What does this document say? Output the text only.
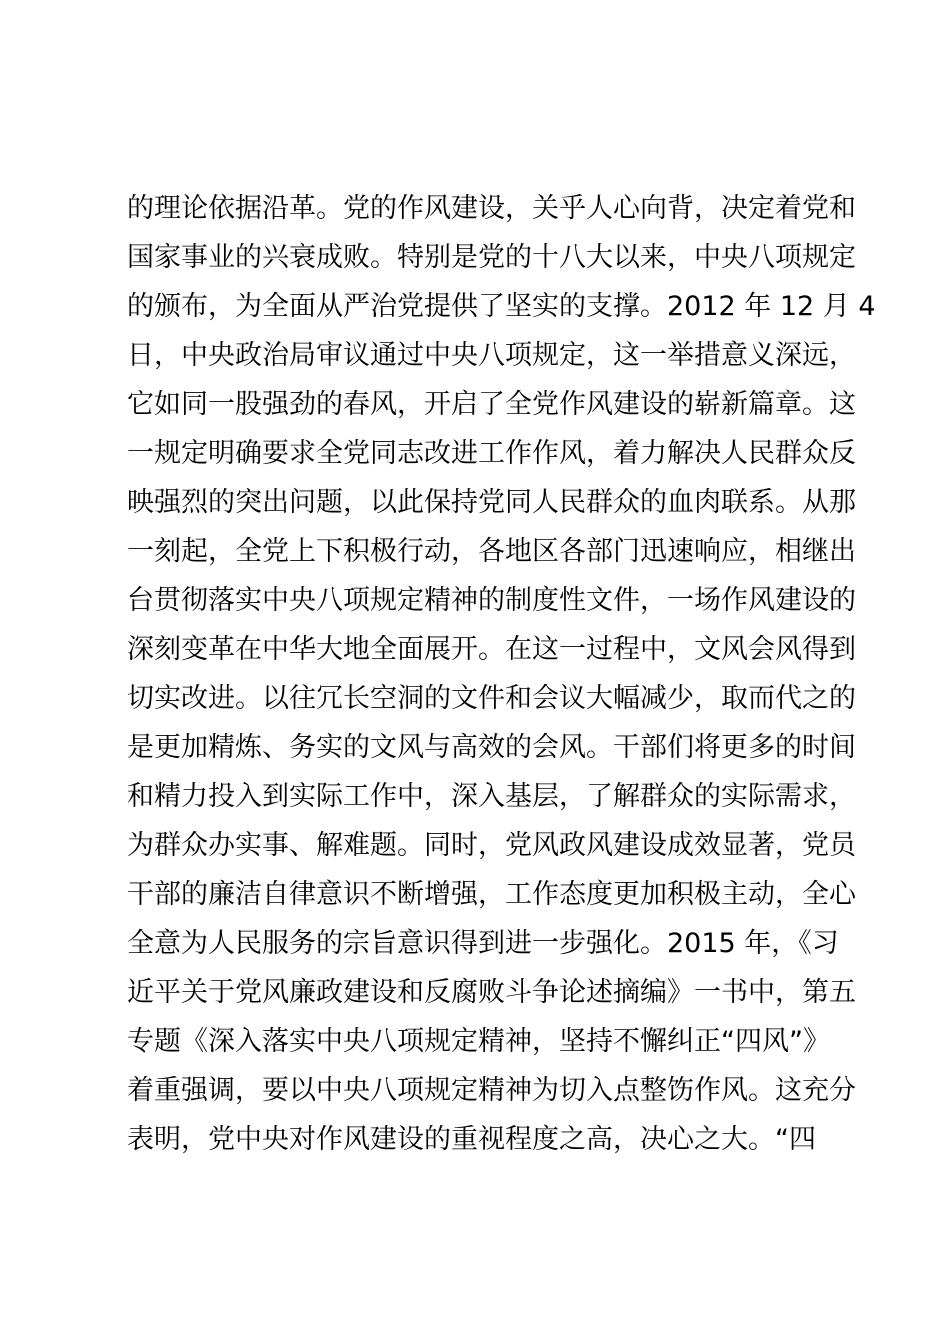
的理论依据沿革。党的作风建设，关乎人心向背，决定着党和
国家事业的兴衰成败。特别是党的十八大以来，中央八项规定
的颁布，为全面从严治党提供了坚实的支撑。2012 年 12 月 4
日，中央政治局审议通过中央八项规定，这一举措意义深远，
它如同一股强劲的春风，开启了全党作风建设的崭新篇章。这
一规定明确要求全党同志改进工作作风，着力解决人民群众反
映强烈的突出问题，以此保持党同人民群众的血肉联系。从那
一刻起，全党上下积极行动，各地区各部门迅速响应，相继出
台贯彻落实中央八项规定精神的制度性文件，一场作风建设的
深刻变革在中华大地全面展开。在这一过程中，文风会风得到
切实改进。以往冗长空洞的文件和会议大幅减少，取而代之的
是更加精炼、务实的文风与高效的会风。干部们将更多的时间
和精力投入到实际工作中，深入基层，了解群众的实际需求，
为群众办实事、解难题。同时，党风政风建设成效显著，党员
干部的廉洁自律意识不断增强，工作态度更加积极主动，全心
全意为人民服务的宗旨意识得到进一步强化。2015 年，《习
近平关于党风廉政建设和反腐败斗争论述摘编》一书中，第五
专题《深入落实中央八项规定精神，坚持不懈纠正“四风”》
着重强调，要以中央八项规定精神为切入点整饬作风。这充分
表明，党中央对作风建设的重视程度之高，决心之大。“四
